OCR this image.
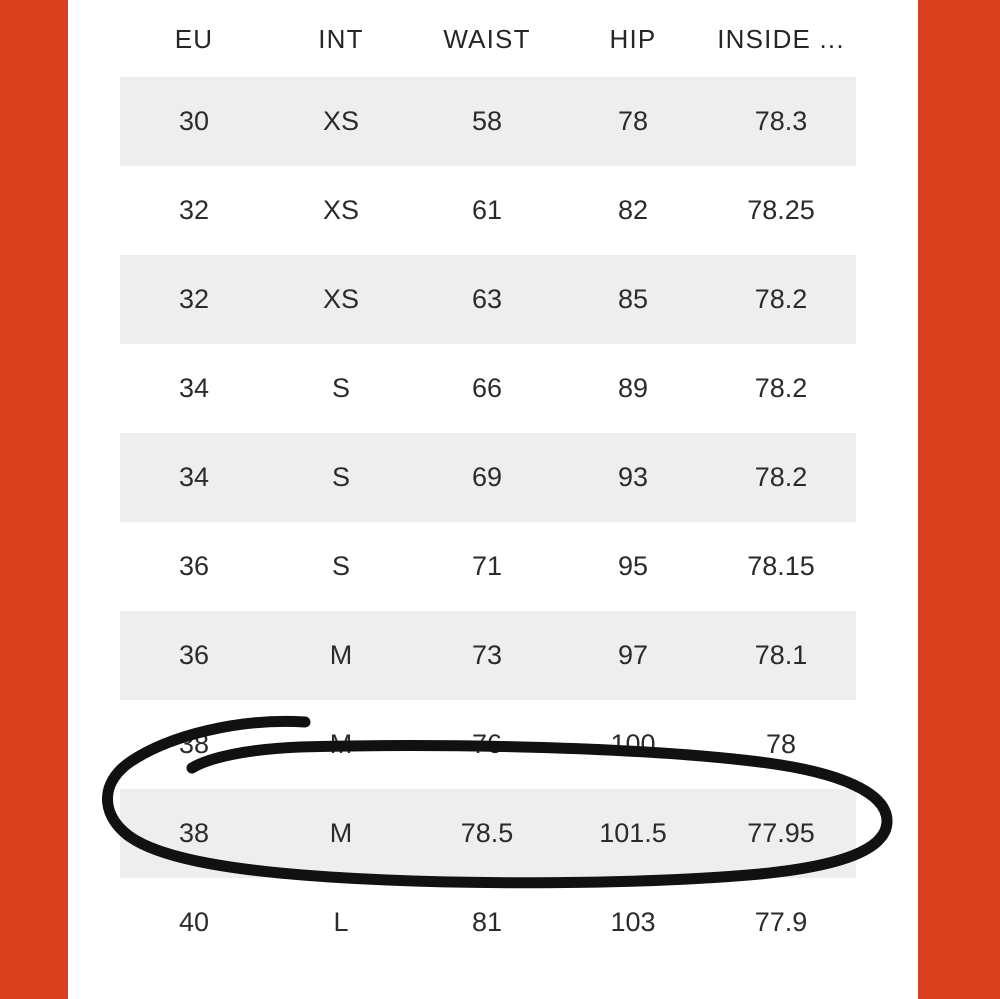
EU	INT	WAIST	HIP	INSIDE ...
30	XS	58	78	78.3
32	XS	61	82	78.25
32	XS	63	85	78.2
34	S	66	89	78.2
34	S	69	93	78.2
36	S	71	95	78.15
36	M	73	97	78.1
38	M	76	100	78
38	M	78.5	101.5	77.95
40	L	81	103	77.9
